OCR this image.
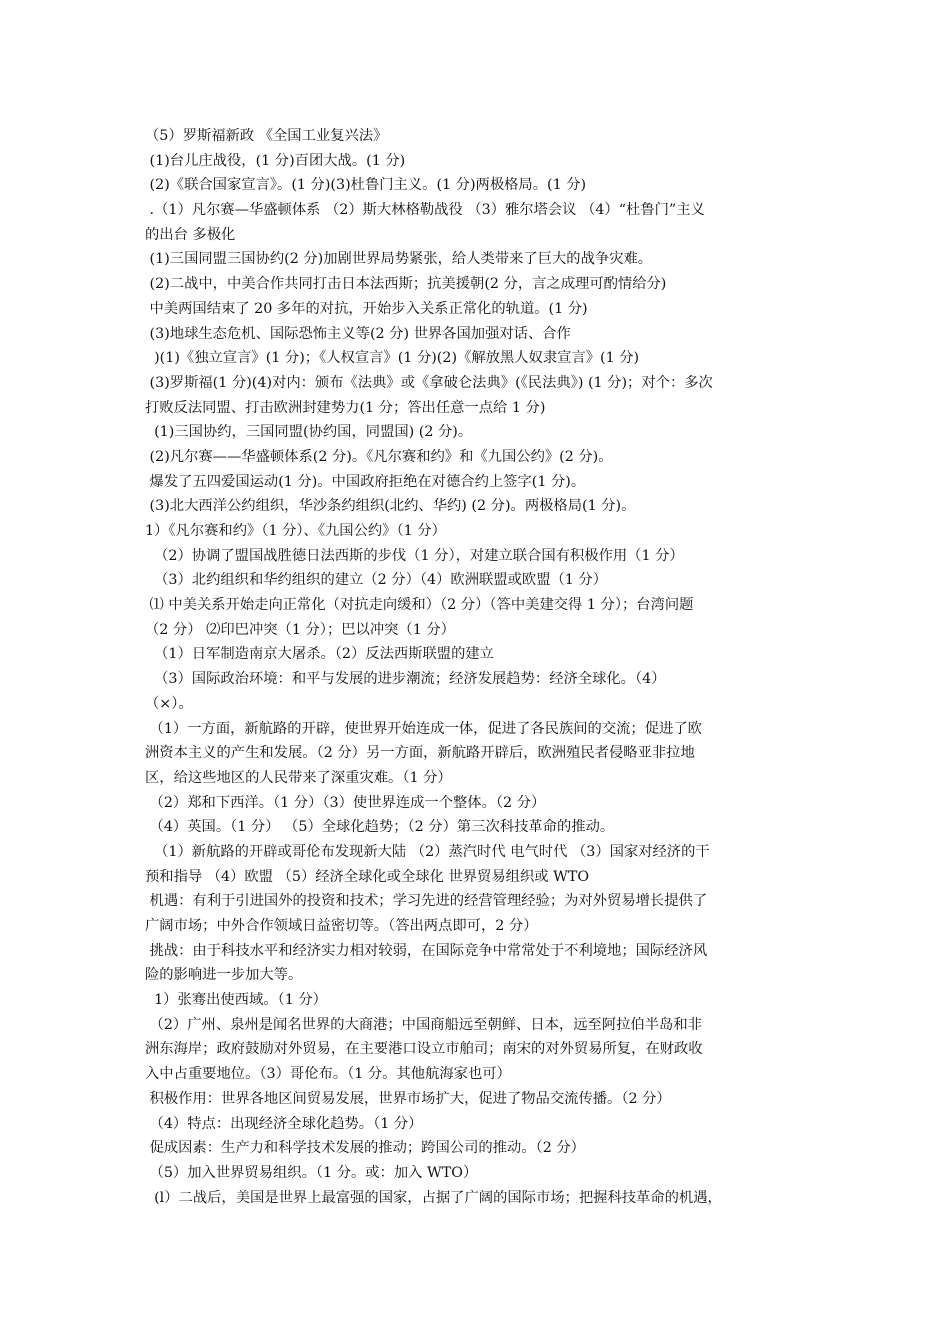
（5）罗斯福新政 《全国工业复兴法》
(1)台儿庄战役，(1 分)百团大战。(1 分)
(2)《联合国家宣言》。(1 分)(3)杜鲁门主义。(1 分)两极格局。(1 分)
.（1）凡尔赛—华盛顿体系 （2）斯大林格勒战役 （3）雅尔塔会议 （4）“杜鲁门”主义
的出台 多极化
(1)三国同盟三国协约(2 分)加剧世界局势紧张，给人类带来了巨大的战争灾难。
(2)二战中，中美合作共同打击日本法西斯；抗美援朝(2 分，言之成理可酌情给分)
中美两国结束了 20 多年的对抗，开始步入关系正常化的轨道。(1 分)
(3)地球生态危机、国际恐怖主义等(2 分) 世界各国加强对话、合作
)(1)《独立宣言》(1 分)；《人权宣言》(1 分)(2)《解放黑人奴隶宣言》(1 分)
(3)罗斯福(1 分)(4)对内：颁布《法典》或《拿破仑法典》(《民法典》) (1 分)；对个：多次
打败反法同盟、打击欧洲封建势力(1 分；答出任意一点给 1 分)
(1)三国协约，三国同盟(协约国，同盟国) (2 分)。
(2)凡尔赛——华盛顿体系(2 分)。《凡尔赛和约》和《九国公约》(2 分)。
爆发了五四爱国运动(1 分)。中国政府拒绝在对德合约上签字(1 分)。
(3)北大西洋公约组织，华沙条约组织(北约、华约) (2 分)。两极格局(1 分)。
1）《凡尔赛和约》（1 分）、《九国公约》（1 分）
（2）协调了盟国战胜德日法西斯的步伐（1 分），对建立联合国有积极作用（1 分）
（3）北约组织和华约组织的建立（2 分）（4）欧洲联盟或欧盟（1 分）
⑴ 中美关系开始走向正常化（对抗走向缓和）（2 分）（答中美建交得 1 分）；台湾问题
（2 分） ⑵印巴冲突（1 分）；巴以冲突（1 分）
（1）日军制造南京大屠杀。（2）反法西斯联盟的建立
（3）国际政治环境：和平与发展的进步潮流；经济发展趋势：经济全球化。（4）
（×）。
（1）一方面，新航路的开辟，使世界开始连成一体，促进了各民族间的交流；促进了欧
洲资本主义的产生和发展。（2 分）另一方面，新航路开辟后，欧洲殖民者侵略亚非拉地
区，给这些地区的人民带来了深重灾难。（1 分）
（2）郑和下西洋。（1 分）（3）使世界连成一个整体。（2 分）
（4）英国。（1 分） （5）全球化趋势；（2 分）第三次科技革命的推动。
（1）新航路的开辟或哥伦布发现新大陆 （2）蒸汽时代 电气时代 （3）国家对经济的干
预和指导 （4）欧盟 （5）经济全球化或全球化 世界贸易组织或 WTO
机遇：有利于引进国外的投资和技术；学习先进的经营管理经验；为对外贸易增长提供了
广阔市场；中外合作领域日益密切等。（答出两点即可，2 分）
挑战：由于科技水平和经济实力相对较弱，在国际竞争中常常处于不利境地；国际经济风
险的影响进一步加大等。
1）张骞出使西域。（1 分）
（2）广州、泉州是闻名世界的大商港；中国商船远至朝鲜、日本，远至阿拉伯半岛和非
洲东海岸；政府鼓励对外贸易，在主要港口设立市舶司；南宋的对外贸易所复，在财政收
入中占重要地位。（3）哥伦布。（1 分。其他航海家也可）
积极作用：世界各地区间贸易发展，世界市场扩大，促进了物品交流传播。（2 分）
（4）特点：出现经济全球化趋势。（1 分）
促成因素：生产力和科学技术发展的推动；跨国公司的推动。（2 分）
（5）加入世界贸易组织。（1 分。或：加入 WTO）
(l）二战后，美国是世界上最富强的国家，占据了广阔的国际市场；把握科技革命的机遇，
